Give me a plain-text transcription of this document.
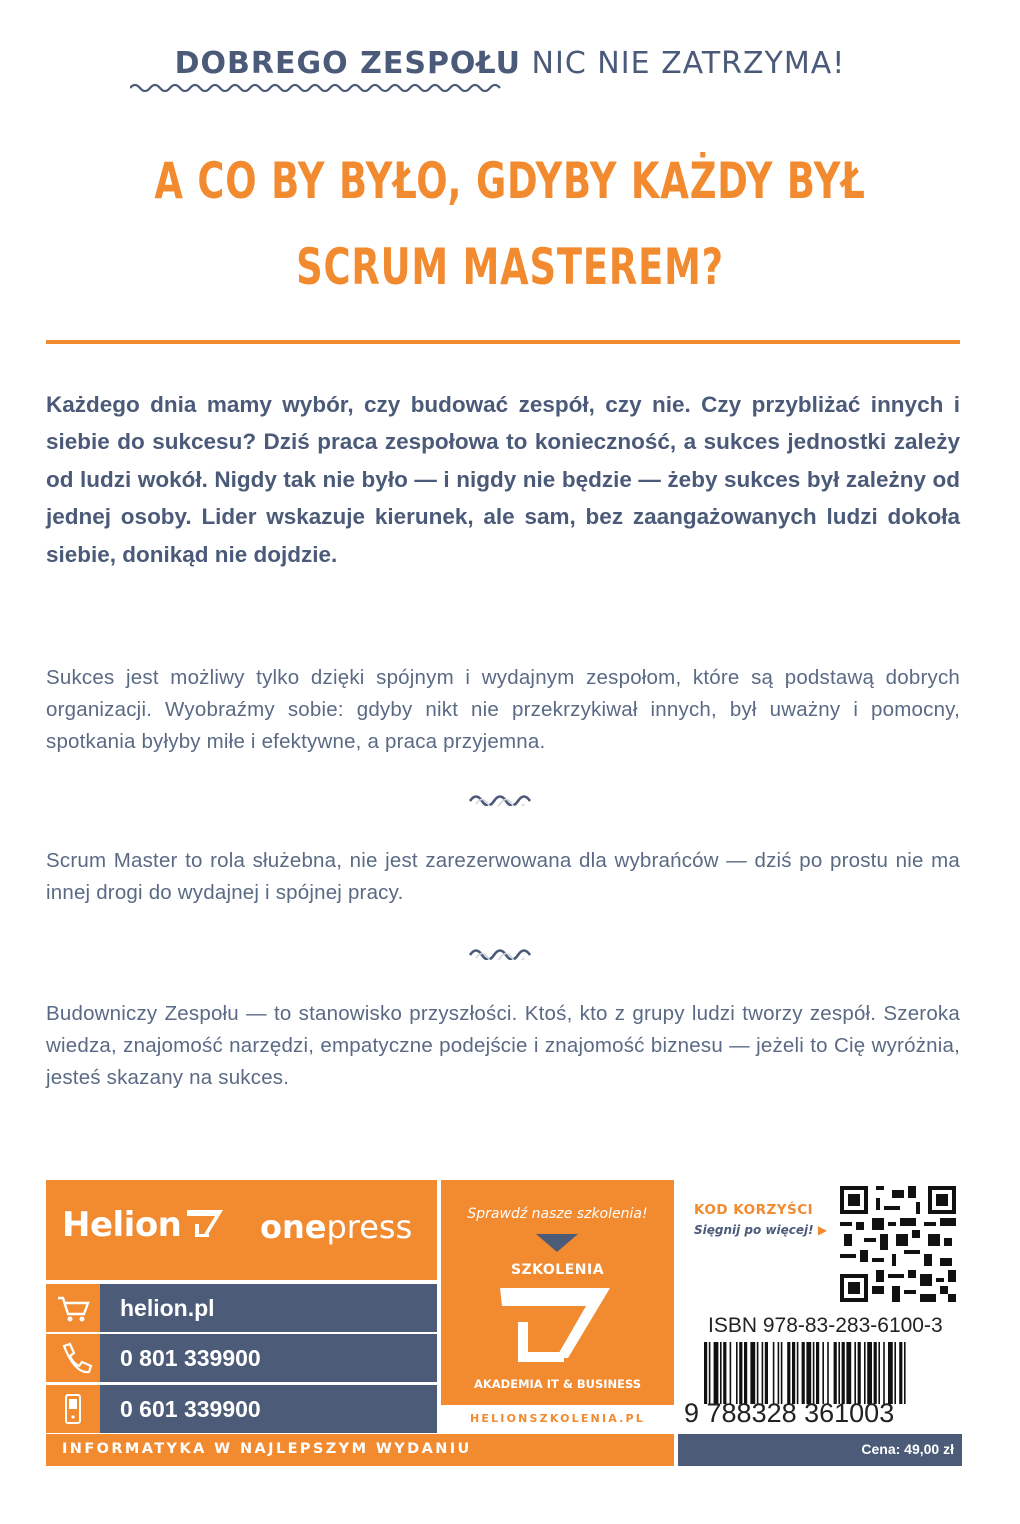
DOBREGO ZESPOŁU NIC NIE ZATRZYMA!
A CO BY BYŁO, GDYBY KAŻDY BYŁ
SCRUM MASTEREM?
Każdego dnia mamy wybór, czy budować zespół, czy nie. Czy przybliżać innych i siebie do sukcesu? Dziś praca zespołowa to konieczność, a sukces jednostki zależy od ludzi wokół. Nigdy tak nie było — i nigdy nie będzie — żeby sukces był zależny od jednej osoby. Lider wskazuje kierunek, ale sam, bez zaangażowanych ludzi dokoła siebie, donikąd nie dojdzie.
Sukces jest możliwy tylko dzięki spójnym i wydajnym zespołom, które są podstawą dobrych organizacji. Wyobraźmy sobie: gdyby nikt nie przekrzykiwał innych, był uważny i pomocny, spotkania byłyby miłe i efektywne, a praca przyjemna.
Scrum Master to rola służebna, nie jest zarezerwowana dla wybrańców — dziś po prostu nie ma innej drogi do wydajnej i spójnej pracy.
Budowniczy Zespołu — to stanowisko przyszłości. Ktoś, kto z grupy ludzi tworzy zespół. Szeroka wiedza, znajomość narzędzi, empatyczne podejście i znajomość biznesu — jeżeli to Cię wyróżnia, jesteś skazany na sukces.
Helion	onepress
helion.pl
0 801 339900
0 601 339900
INFORMATYKA W NAJLEPSZYM WYDANIU
Sprawdź nasze szkolenia!
SZKOLENIA
AKADEMIA IT & BUSINESS
HELIONSZKOLENIA.PL
KOD KORZYŚCI
Sięgnij po więcej! ▶
ISBN 978-83-283-6100-3
9 788328 361003
Cena: 49,00 zł
